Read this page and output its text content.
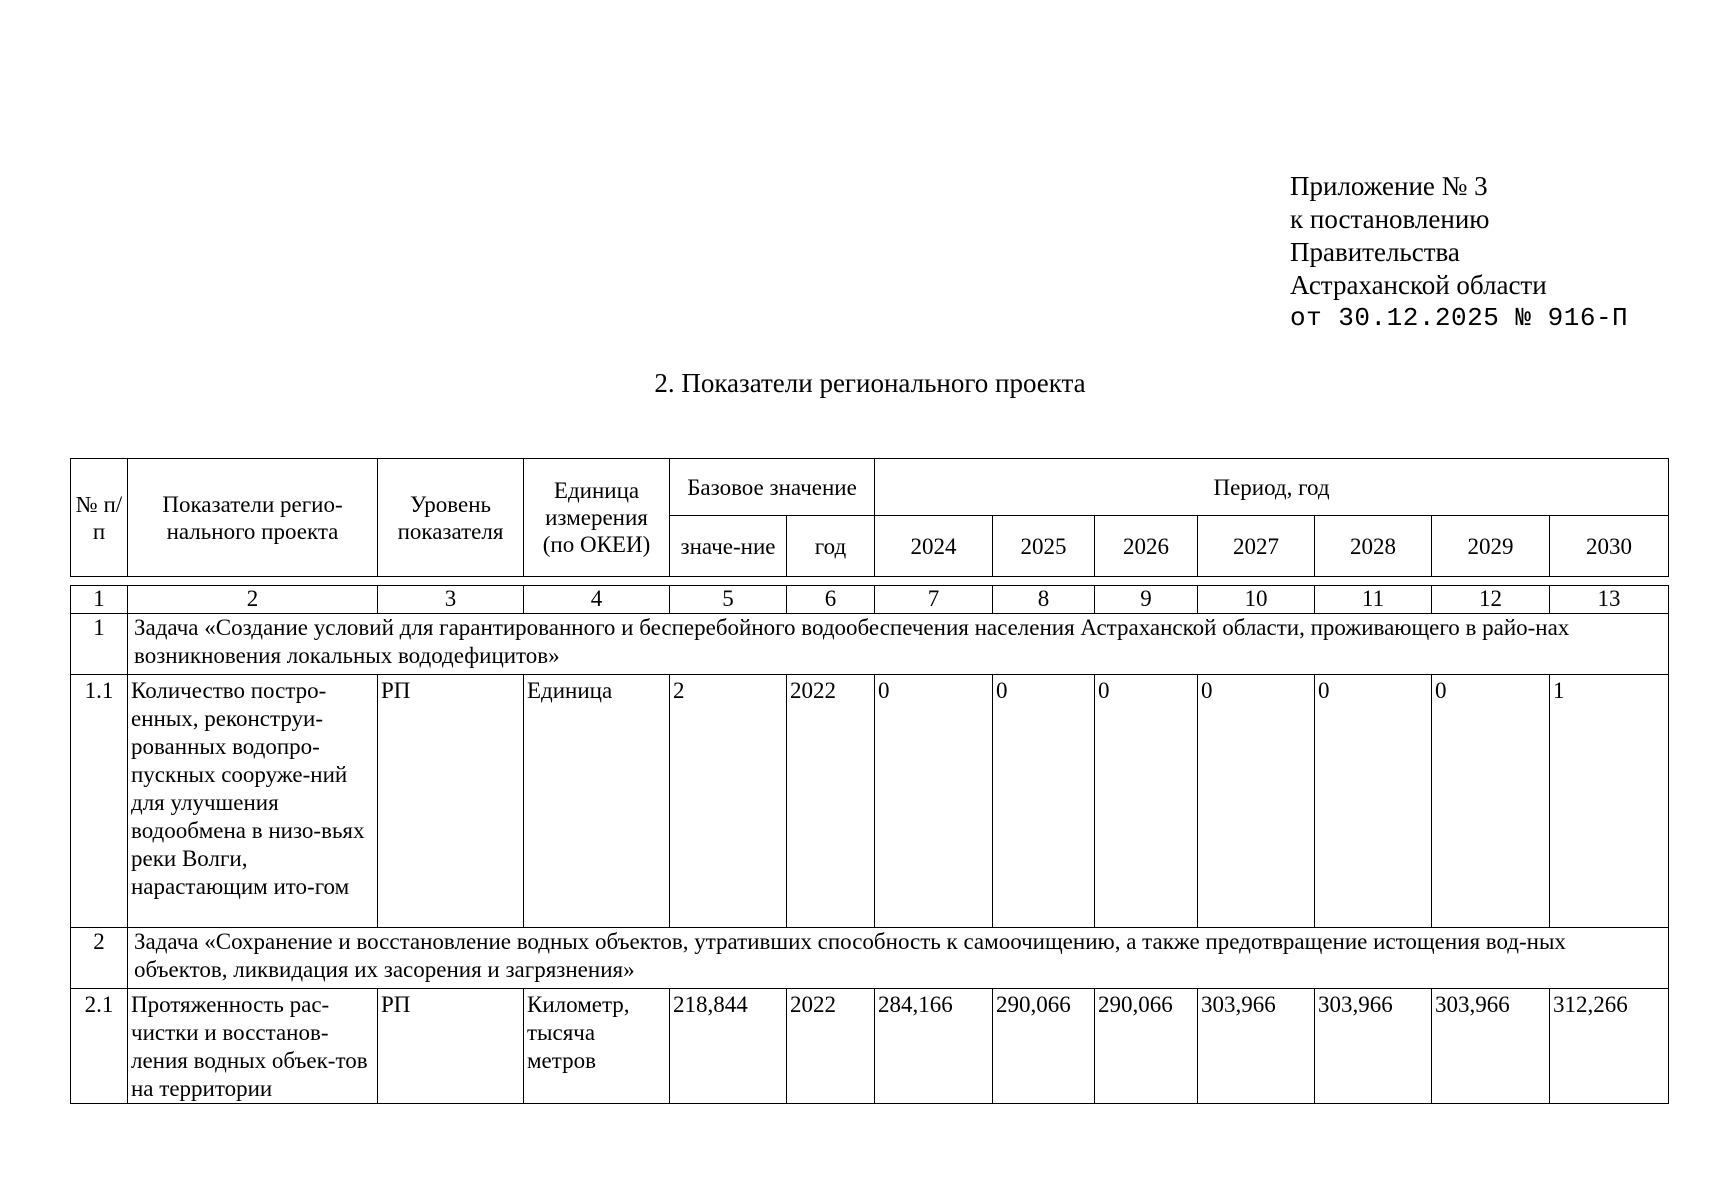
Приложение № 3
к постановлению
Правительства
Астраханской области
от 30.12.2025 № 916-П
2. Показатели регионального проекта
№ п/п	Показатели регио-нального проекта	Уровень показателя	Единица измерения (по ОКЕИ)	Базовое значение		Период, год						
				значе-ние	год	2024	2025	2026	2027	2028	2029	2030

1	2	3	4	5	6	7	8	9	10	11	12	13
1	Задача «Создание условий для гарантированного и бесперебойного водообеспечения населения Астраханской области, проживающего в райо-нах возникновения локальных вододефицитов»											
1.1	Количество постро-енных, реконструи-рованных водопро-пускных сооруже-ний для улучшения водообмена в низо-вьях реки Волги, нарастающим ито-гом	РП	Единица	2	2022	0	0	0	0	0	0	1
2	Задача «Сохранение и восстановление водных объектов, утративших способность к самоочищению, а также предотвращение истощения вод-ных объектов, ликвидация их засорения и загрязнения»											
2.1	Протяженность рас-чистки и восстанов-ления водных объек-тов на территории	РП	Километр, тысяча метров	218,844	2022	284,166	290,066	290,066	303,966	303,966	303,966	312,266
